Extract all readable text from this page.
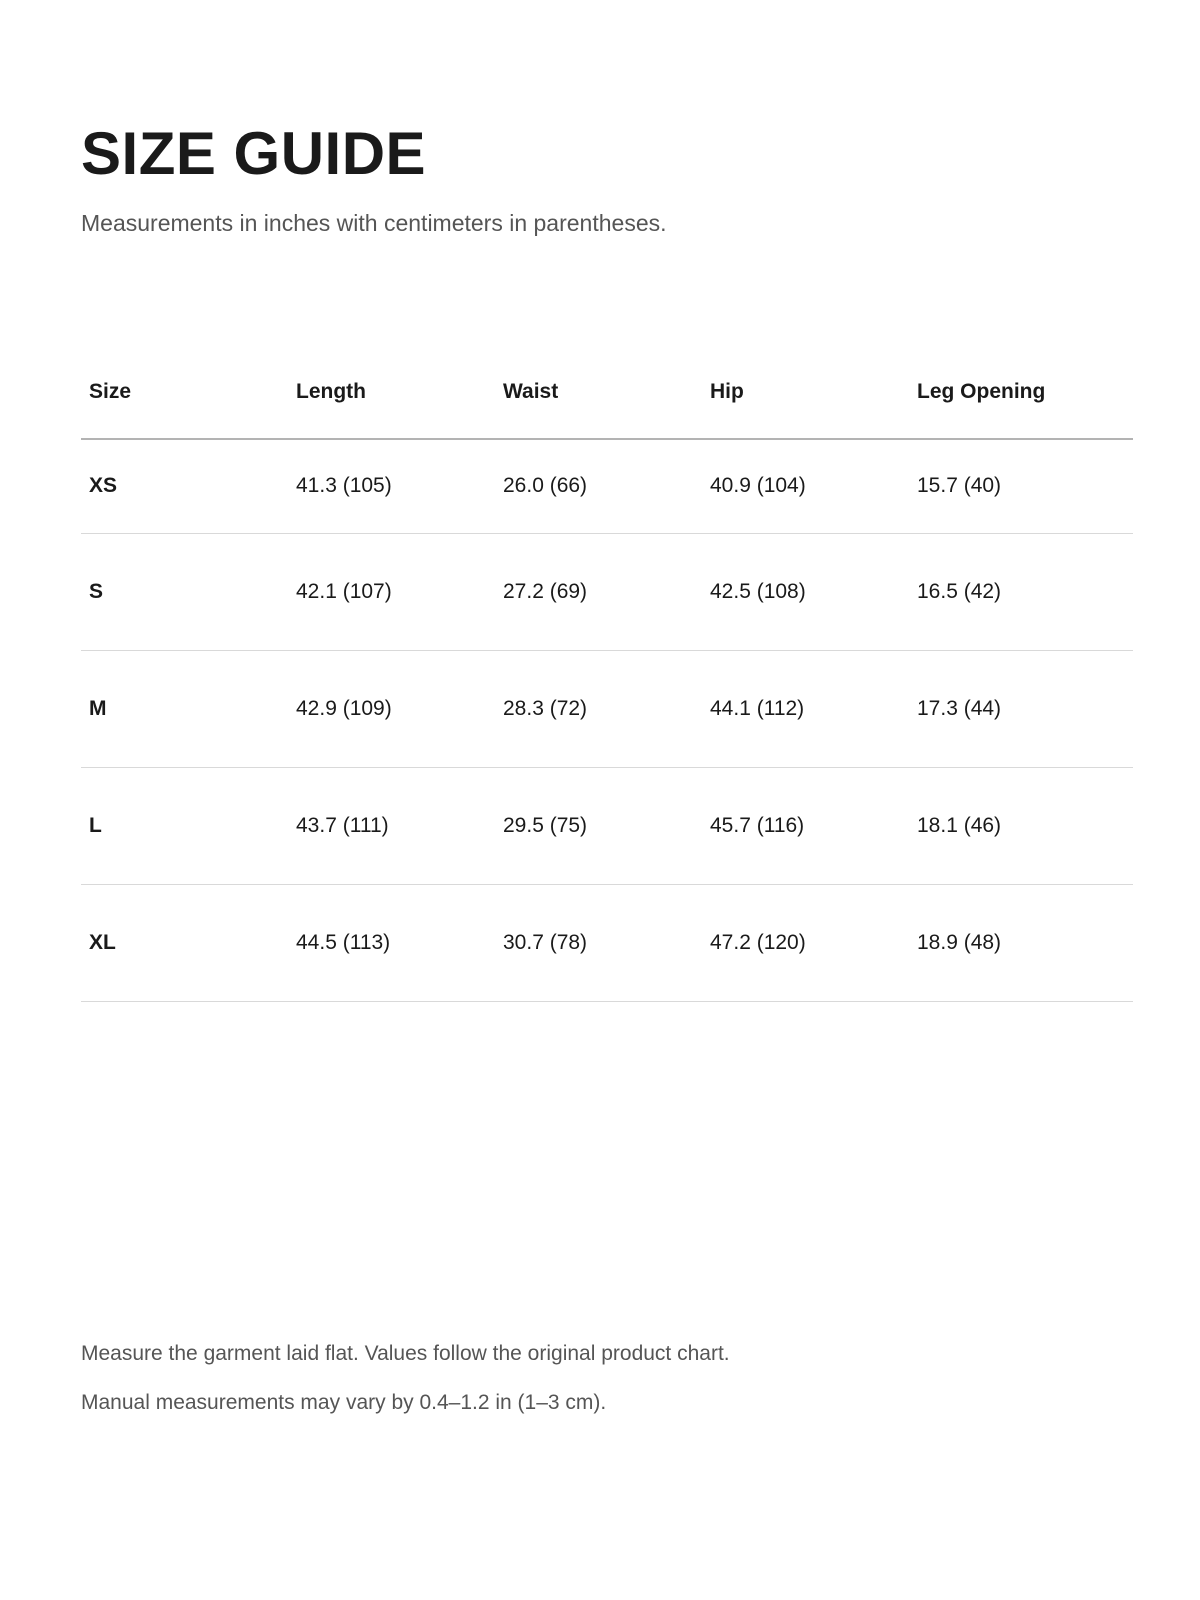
SIZE GUIDE

Measurements in inches with centimeters in parentheses.

Size	Length	Waist	Hip	Leg Opening
XS	41.3 (105)	26.0 (66)	40.9 (104)	15.7 (40)
S	42.1 (107)	27.2 (69)	42.5 (108)	16.5 (42)
M	42.9 (109)	28.3 (72)	44.1 (112)	17.3 (44)
L	43.7 (111)	29.5 (75)	45.7 (116)	18.1 (46)
XL	44.5 (113)	30.7 (78)	47.2 (120)	18.9 (48)

Measure the garment laid flat. Values follow the original product chart.

Manual measurements may vary by 0.4–1.2 in (1–3 cm).
